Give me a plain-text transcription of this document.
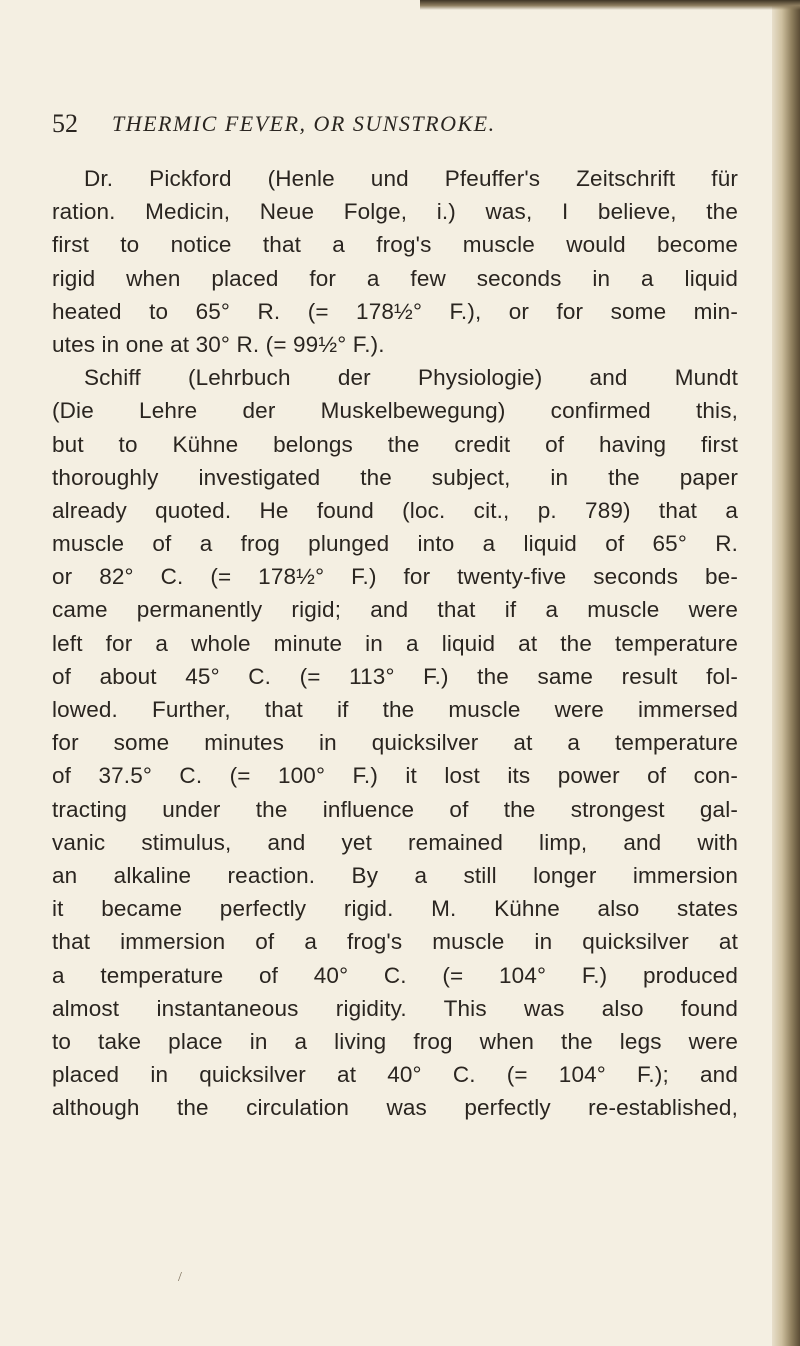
52 THERMIC FEVER, OR SUNSTROKE.
Dr. Pickford (Henle und Pfeuffer's Zeitschrift für
ration. Medicin, Neue Folge, i.) was, I believe, the
first to notice that a frog's muscle would become
rigid when placed for a few seconds in a liquid
heated to 65° R. (= 178½° F.), or for some min-
utes in one at 30° R. (= 99½° F.).
Schiff (Lehrbuch der Physiologie) and Mundt
(Die Lehre der Muskelbewegung) confirmed this,
but to Kühne belongs the credit of having first
thoroughly investigated the subject, in the paper
already quoted. He found (loc. cit., p. 789) that a
muscle of a frog plunged into a liquid of 65° R.
or 82° C. (= 178½° F.) for twenty-five seconds be-
came permanently rigid; and that if a muscle were
left for a whole minute in a liquid at the temperature
of about 45° C. (= 113° F.) the same result fol-
lowed. Further, that if the muscle were immersed
for some minutes in quicksilver at a temperature
of 37.5° C. (= 100° F.) it lost its power of con-
tracting under the influence of the strongest gal-
vanic stimulus, and yet remained limp, and with
an alkaline reaction. By a still longer immersion
it became perfectly rigid. M. Kühne also states
that immersion of a frog's muscle in quicksilver at
a temperature of 40° C. (= 104° F.) produced
almost instantaneous rigidity. This was also found
to take place in a living frog when the legs were
placed in quicksilver at 40° C. (= 104° F.); and
although the circulation was perfectly re-established,
/
